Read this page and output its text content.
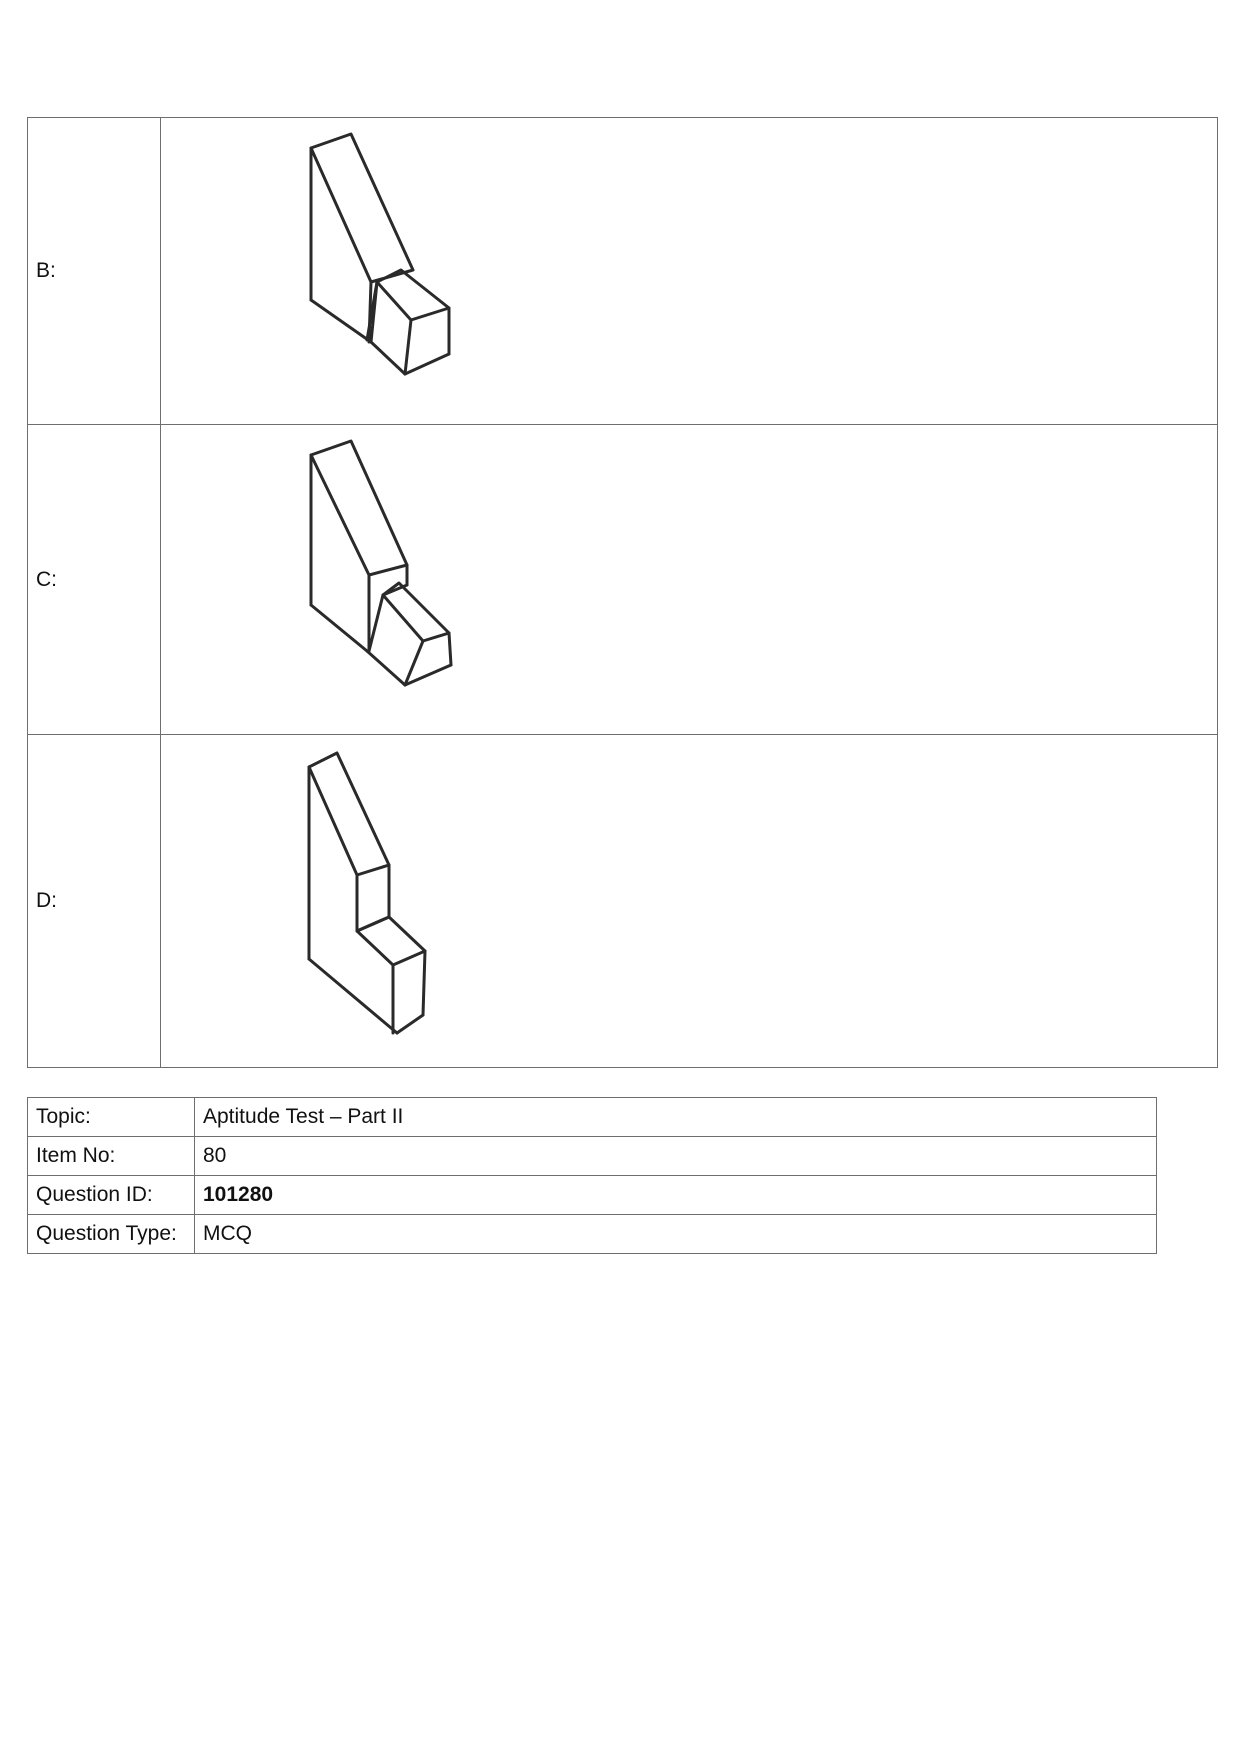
B:	

C:	

D:	
Topic:	Aptitude Test – Part II
Item No:	80
Question ID:	101280
Question Type:	MCQ
